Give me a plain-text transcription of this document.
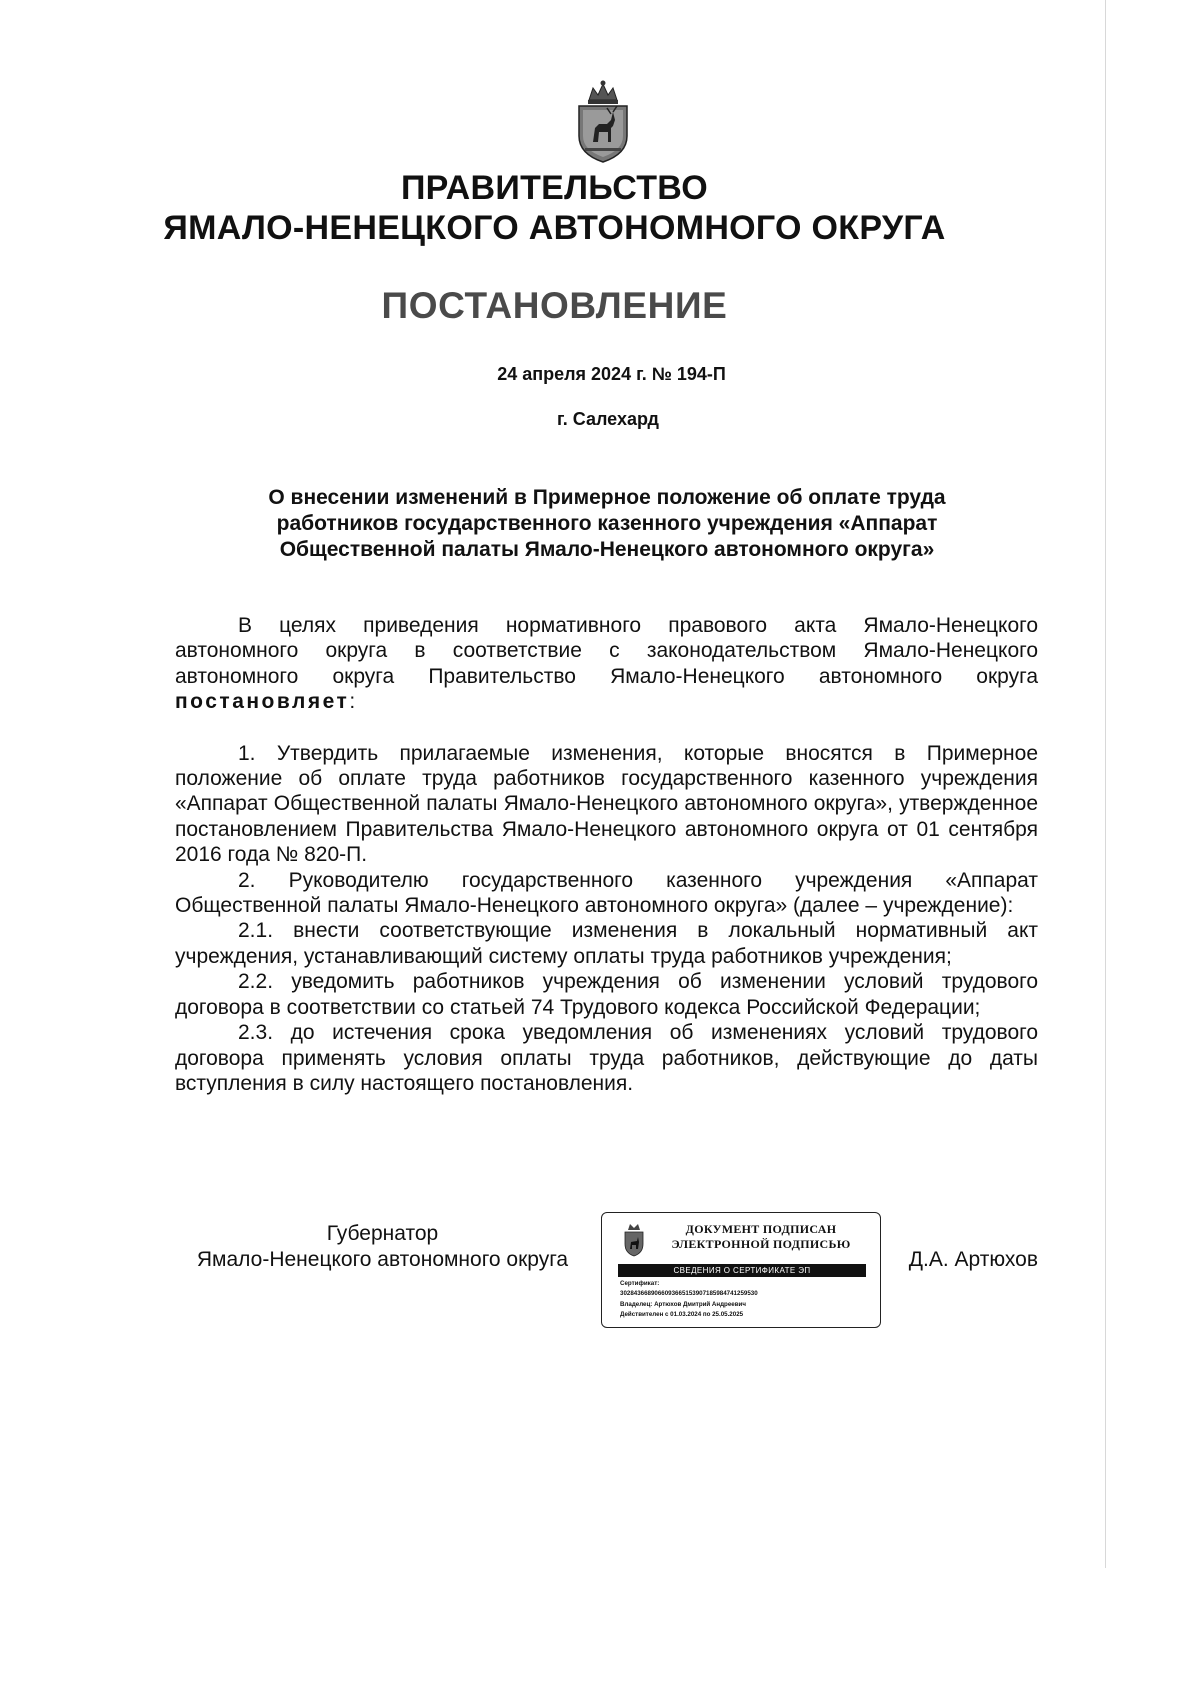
ПРАВИТЕЛЬСТВО
ЯМАЛО-НЕНЕЦКОГО АВТОНОМНОГО ОКРУГА
ПОСТАНОВЛЕНИЕ
24 апреля 2024 г. № 194-П
г. Салехард
О внесении изменений в Примерное положение об оплате труда
работников государственного казенного учреждения «Аппарат
Общественной палаты Ямало-Ненецкого автономного округа»

В целях приведения нормативного правового акта Ямало-Ненецкого автономного округа в соответствие с законодательством Ямало-Ненецкого автономного округа Правительство Ямало-Ненецкого автономного округа постановляет:

1. Утвердить прилагаемые изменения, которые вносятся в Примерное положение об оплате труда работников государственного казенного учреждения «Аппарат Общественной палаты Ямало-Ненецкого автономного округа», утвержденное постановлением Правительства Ямало-Ненецкого автономного округа от 01 сентября 2016 года № 820-П.

2. Руководителю государственного казенного учреждения «Аппарат Общественной палаты Ямало-Ненецкого автономного округа» (далее – учреждение):

2.1. внести соответствующие изменения в локальный нормативный акт учреждения, устанавливающий систему оплаты труда работников учреждения;

2.2. уведомить работников учреждения об изменении условий трудового договора в соответствии со статьей 74 Трудового кодекса Российской Федерации;

2.3. до истечения срока уведомления об изменениях условий трудового договора применять условия оплаты труда работников, действующие до даты вступления в силу настоящего постановления.

Губернатор
Ямало-Ненецкого автономного округа
ДОКУМЕНТ ПОДПИСАН
ЭЛЕКТРОННОЙ ПОДПИСЬЮ
СВЕДЕНИЯ О СЕРТИФИКАТЕ ЭП
Сертификат:
3028436689066093665153907185984741259530
Владелец: Артюхов Дмитрий Андреевич
Действителен с 01.03.2024 по 25.05.2025
Д.А. Артюхов
